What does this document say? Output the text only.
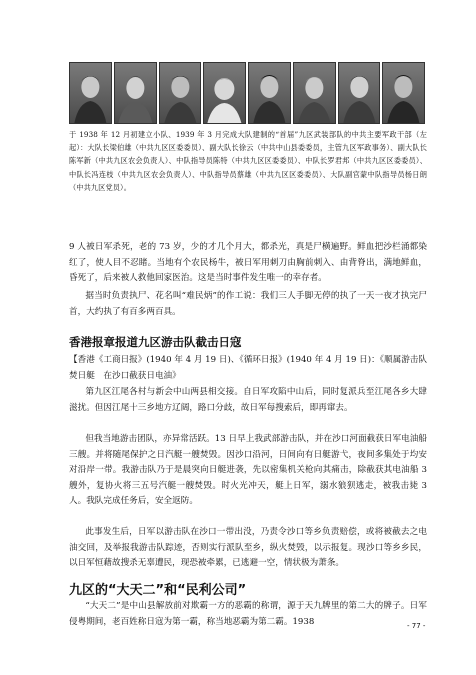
于 1938 年 12 月初建立小队、1939 年 3 月完成大队建制的“首届”九区武装部队的中共主要军政干部（左起）：大队长梁伯雄（中共九区区委委员）、副大队长徐云（中共中山县委委员，主管九区军政事务）、副大队长陈军新（中共九区农会负责人）、中队指导员陈特（中共九区区委委员）、中队长罗君邦（中共九区区委委员）、中队长冯连枝（中共九区农会负责人）、中队指导员蔡雄（中共九区区委委员）、大队副官蒙中队指导员杨日朗（中共九区党员）。

9 人被日军杀死，老的 73 岁，少的才几个月大，都杀光，真是尸横遍野。鲜血把沙栏涌都染红了，使人目不忍睹。当地有个农民杨牛，被日军用刺刀由胸前刺入、由背脊出，满地鲜血，昏死了，后来被人救他回家医治。这是当时事件发生唯一的幸存者。

据当时负责执尸、花名叫“难民炳”的作工说：我们三人手脚无停的执了一天一夜才执完尸首，大约执了有百多两百具。

香港报章报道九区游击队截击日寇

【香港《工商日报》(1940 年 4 月 19 日)、《循环日报》(1940 年 4 月 19 日)：《顺属游击队焚日艇　在沙口截获日电油》

第九区江尾各村与新会中山两县相交接。自日军攻陷中山后，同时复派兵至江尾各乡大肆滋扰。但因江尾十三乡地方辽阔，路口分歧，故日军每搜索后，即再窜去。

但我当地游击团队，亦异常活跃。13 日早上我武部游击队，并在沙口河面截获日军电油船三艘。并将随尾保护之日汽艇一艘焚毁。因沙口沿河，日间向有日艇游弋，夜间多集处于均安对沿岸一带。我游击队乃于是晨突向日艇进袭，先以密集机关枪向其痛击，除截获其电油船 3 艘外，复协火将三五号汽艇一艘焚毁。时火光冲天，艇上日军，溺水狼狈逃走，被我击毙 3 人。我队完成任务后，安全返防。

此事发生后，日军以游击队在沙口一带出没，乃责令沙口等乡负责赔偿，或将被截去之电油交回，及举报我游击队踪迹，否则实行派队至乡，纵火焚毁，以示报复。现沙口等乡乡民，以日军恒藉故搜杀无辜遭民，现恐被牵累，已逃避一空，情状极为萧条。

九区的“大天二”和“民利公司”

“大天二”是中山县解放前对欺霸一方的恶霸的称谓，源于天九牌里的第二大的牌子。日军侵粤期间，老百姓称日寇为第一霸，称当地恶霸为第二霸。1938	- 77 -
